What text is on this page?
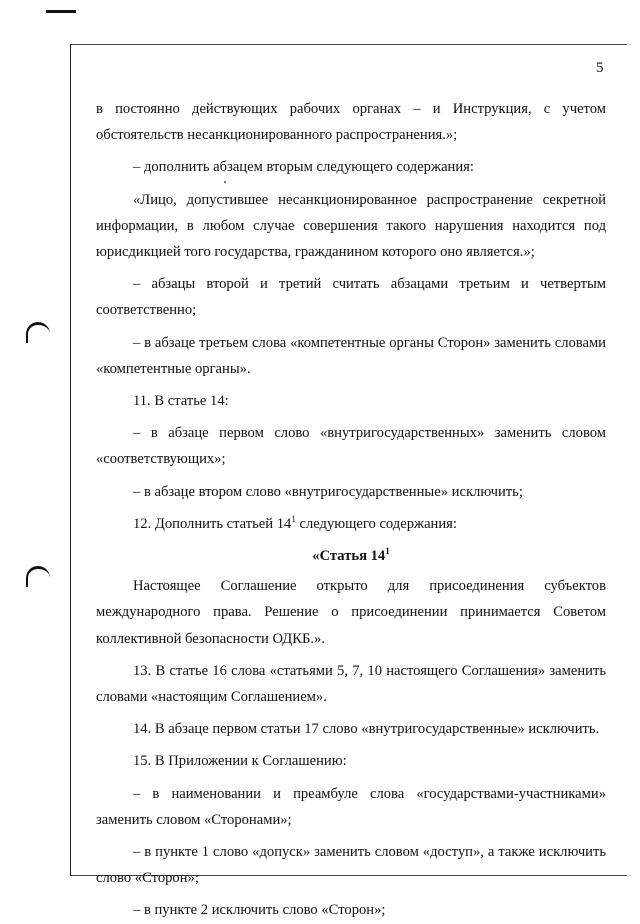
5

в постоянно действующих рабочих органах – и Инструкция, с учетом обстоятельств несанкционированного распространения.»;

– дополнить абзацем вторым следующего содержания:

«Лицо, допустившее несанкционированное распространение секретной информации, в любом случае совершения такого нарушения находится под юрисдикцией того государства, гражданином которого оно является.»;

– абзацы второй и третий считать абзацами третьим и четвертым соответственно;

– в абзаце третьем слова «компетентные органы Сторон» заменить словами «компетентные органы».

11. В статье 14:

– в абзаце первом слово «внутригосударственных» заменить словом «соответствующих»;

– в абзаце втором слово «внутригосударственные» исключить;

12. Дополнить статьей $14^1$ следующего содержания:

«Статья $14^1$

Настоящее Соглашение открыто для присоединения субъектов международного права. Решение о присоединении принимается Советом коллективной безопасности ОДКБ.».

13. В статье 16 слова «статьями 5, 7, 10 настоящего Соглашения» заменить словами «настоящим Соглашением».

14. В абзаце первом статьи 17 слово «внутригосударственные» исключить.

15. В Приложении к Соглашению:

– в наименовании и преамбуле слова «государствами-участниками» заменить словом «Сторонами»;

– в пункте 1 слово «допуск» заменить словом «доступ», а также исключить слово «Сторон»;

– в пункте 2 исключить слово «Сторон»;
